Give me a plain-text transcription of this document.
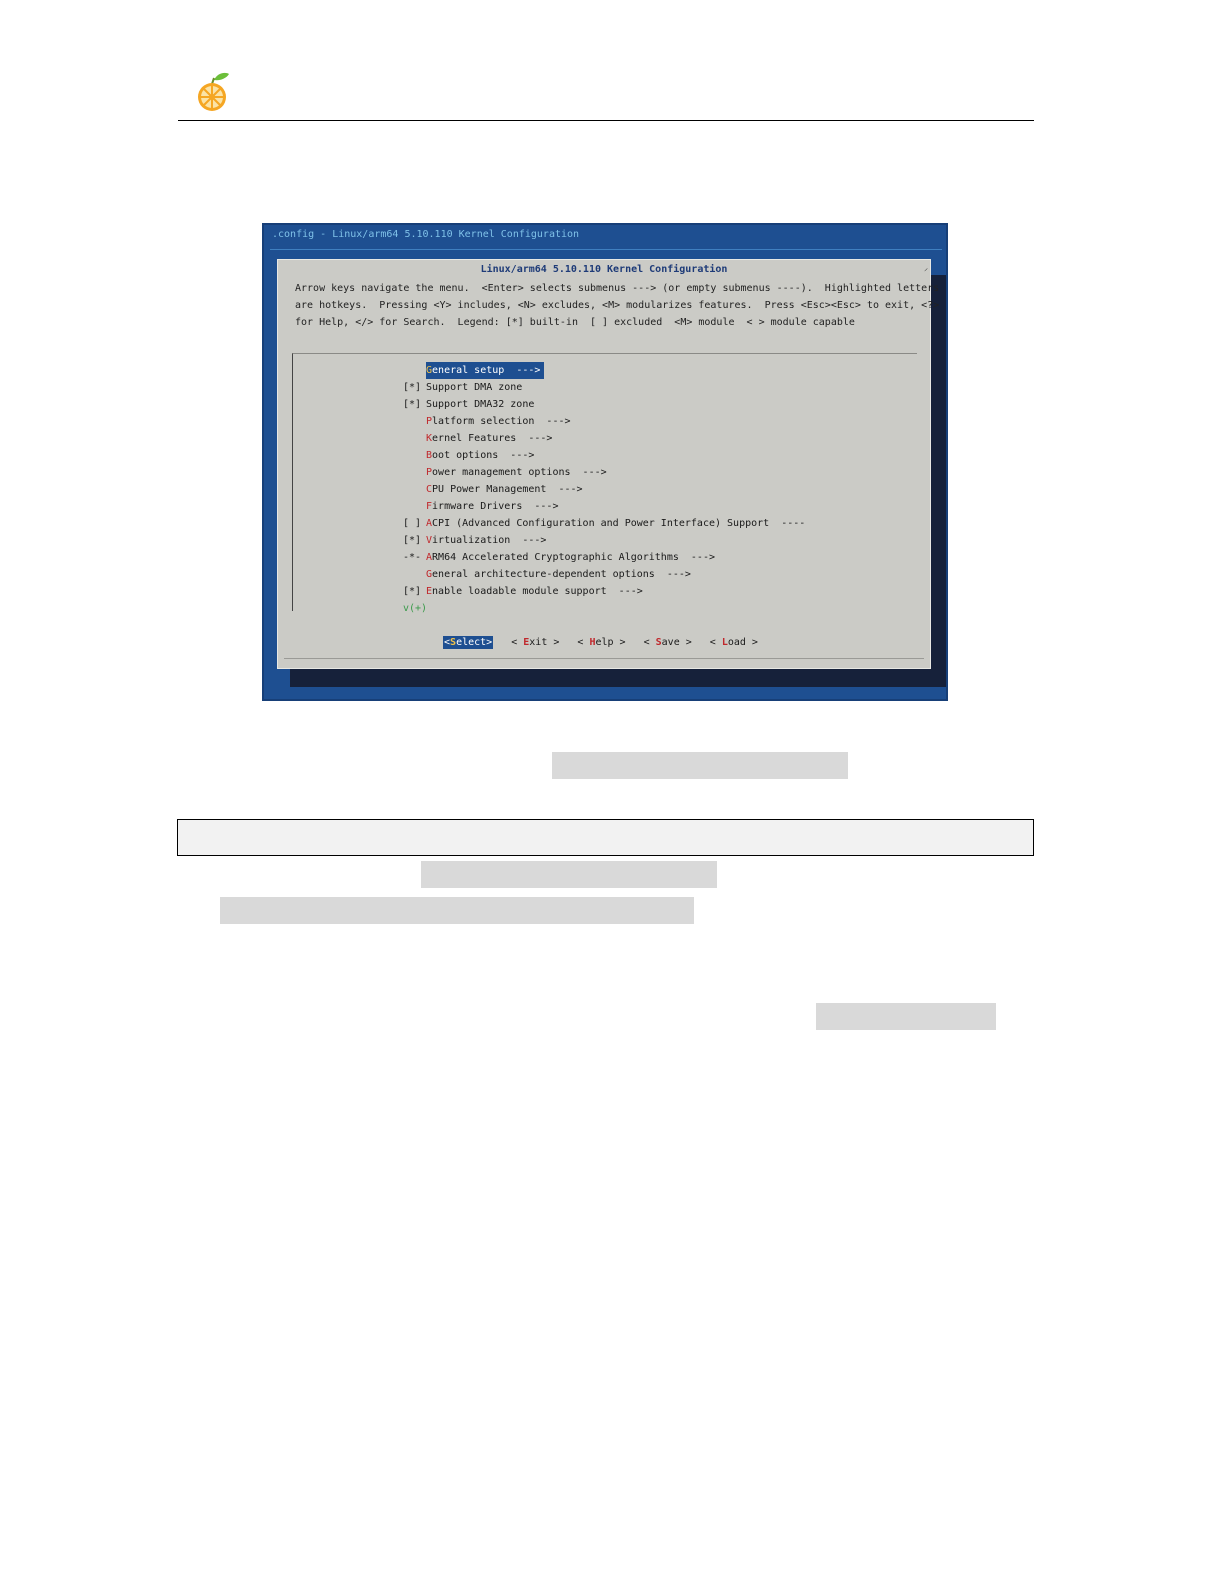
.config - Linux/arm64 5.10.110 Kernel Configuration
Linux/arm64 5.10.110 Kernel Configuration	⸍
Arrow keys navigate the menu.  <Enter> selects submenus ---> (or empty submenus ----).  Highlighted letters
are hotkeys.  Pressing <Y> includes, <N> excludes, <M> modularizes features.  Press <Esc><Esc> to exit, <?>
for Help, </> for Search.  Legend: [*] built-in  [ ] excluded  <M> module  < > module capable
General setup  --->
[*] Support DMA zone
[*] Support DMA32 zone
Platform selection  --->
Kernel Features  --->
Boot options  --->
Power management options  --->
CPU Power Management  --->
Firmware Drivers  --->
[ ] ACPI (Advanced Configuration and Power Interface) Support  ----
[*] Virtualization  --->
-*- ARM64 Accelerated Cryptographic Algorithms  --->
General architecture-dependent options  --->
[*] Enable loadable module support  --->
v(+)
<Select> < Exit > < Help > < Save > < Load >
